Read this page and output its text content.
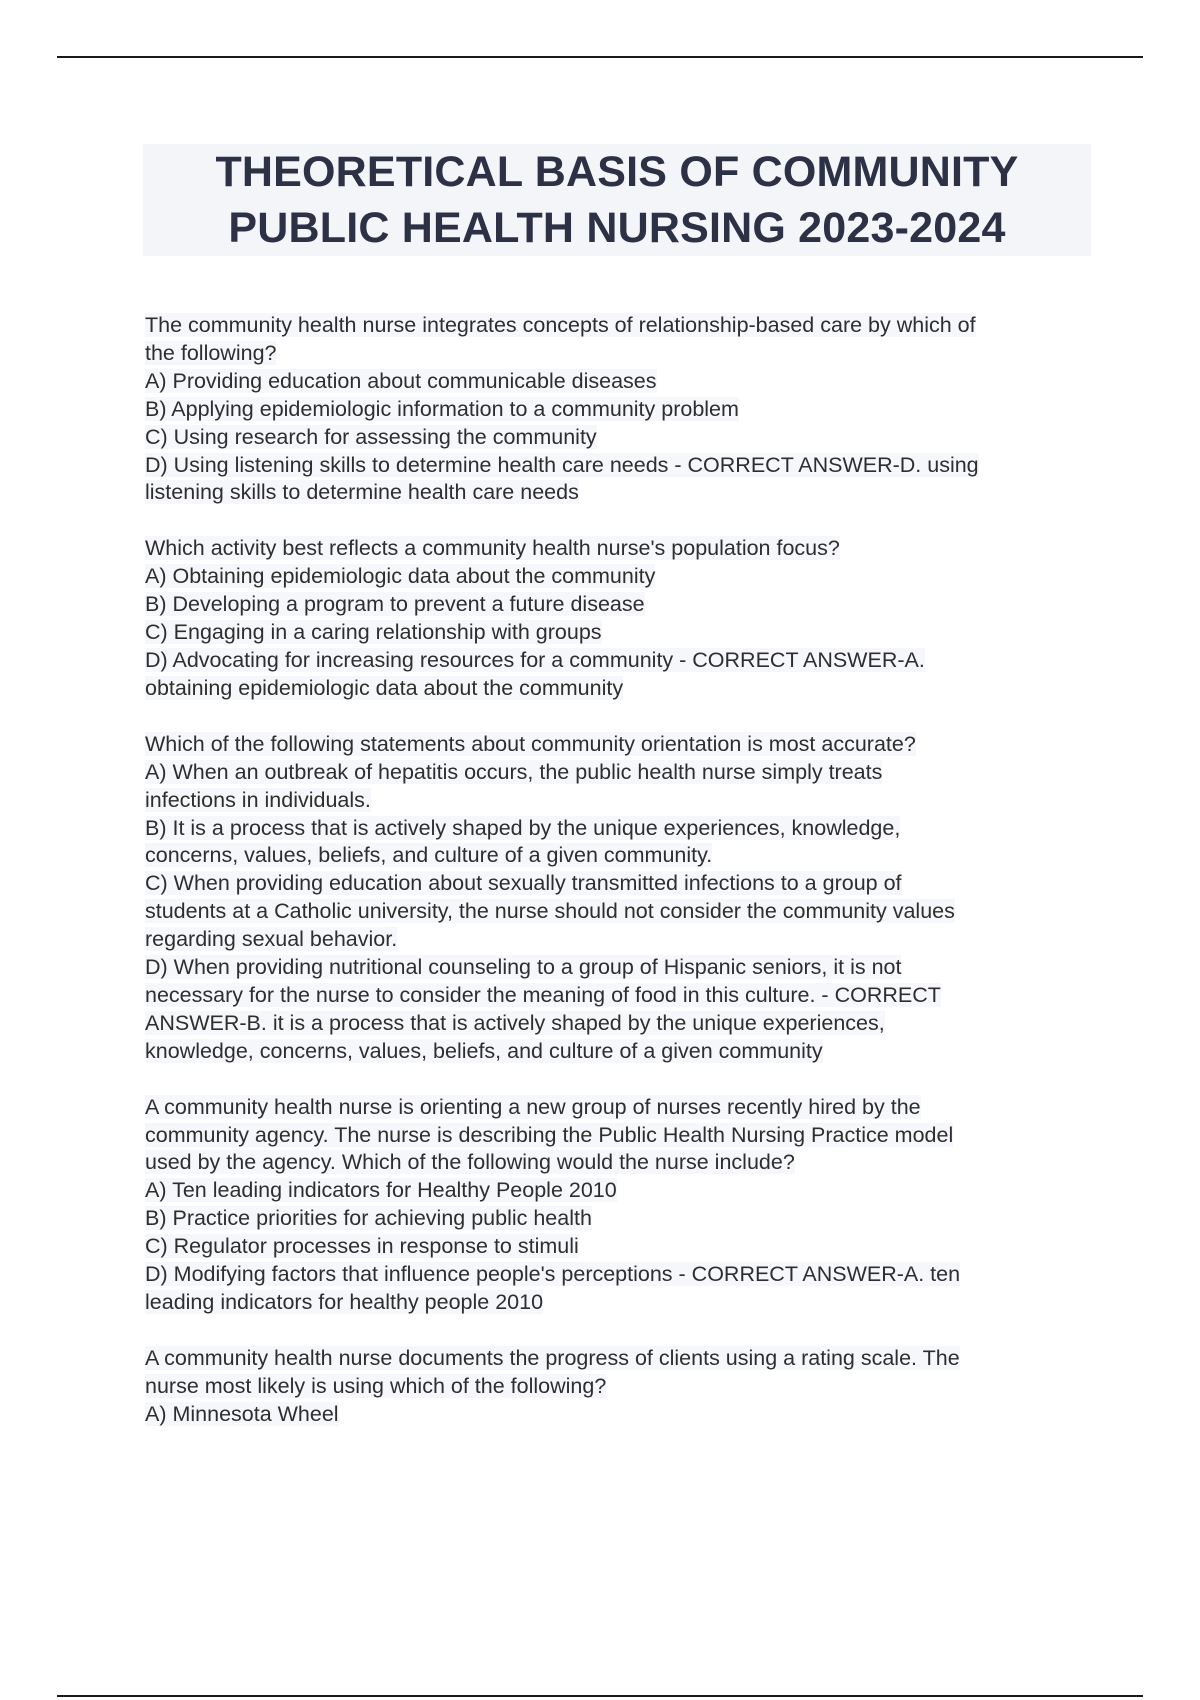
THEORETICAL BASIS OF COMMUNITY
PUBLIC HEALTH NURSING 2023-2024
The community health nurse integrates concepts of relationship-based care by which of
the following?
A) Providing education about communicable diseases
B) Applying epidemiologic information to a community problem
C) Using research for assessing the community
D) Using listening skills to determine health care needs - CORRECT ANSWER-D. using
listening skills to determine health care needs
Which activity best reflects a community health nurse's population focus?
A) Obtaining epidemiologic data about the community
B) Developing a program to prevent a future disease
C) Engaging in a caring relationship with groups
D) Advocating for increasing resources for a community - CORRECT ANSWER-A.
obtaining epidemiologic data about the community
Which of the following statements about community orientation is most accurate?
A) When an outbreak of hepatitis occurs, the public health nurse simply treats
infections in individuals.
B) It is a process that is actively shaped by the unique experiences, knowledge,
concerns, values, beliefs, and culture of a given community.
C) When providing education about sexually transmitted infections to a group of
students at a Catholic university, the nurse should not consider the community values
regarding sexual behavior.
D) When providing nutritional counseling to a group of Hispanic seniors, it is not
necessary for the nurse to consider the meaning of food in this culture. - CORRECT
ANSWER-B. it is a process that is actively shaped by the unique experiences,
knowledge, concerns, values, beliefs, and culture of a given community
A community health nurse is orienting a new group of nurses recently hired by the
community agency. The nurse is describing the Public Health Nursing Practice model
used by the agency. Which of the following would the nurse include?
A) Ten leading indicators for Healthy People 2010
B) Practice priorities for achieving public health
C) Regulator processes in response to stimuli
D) Modifying factors that influence people's perceptions - CORRECT ANSWER-A. ten
leading indicators for healthy people 2010
A community health nurse documents the progress of clients using a rating scale. The
nurse most likely is using which of the following?
A) Minnesota Wheel
